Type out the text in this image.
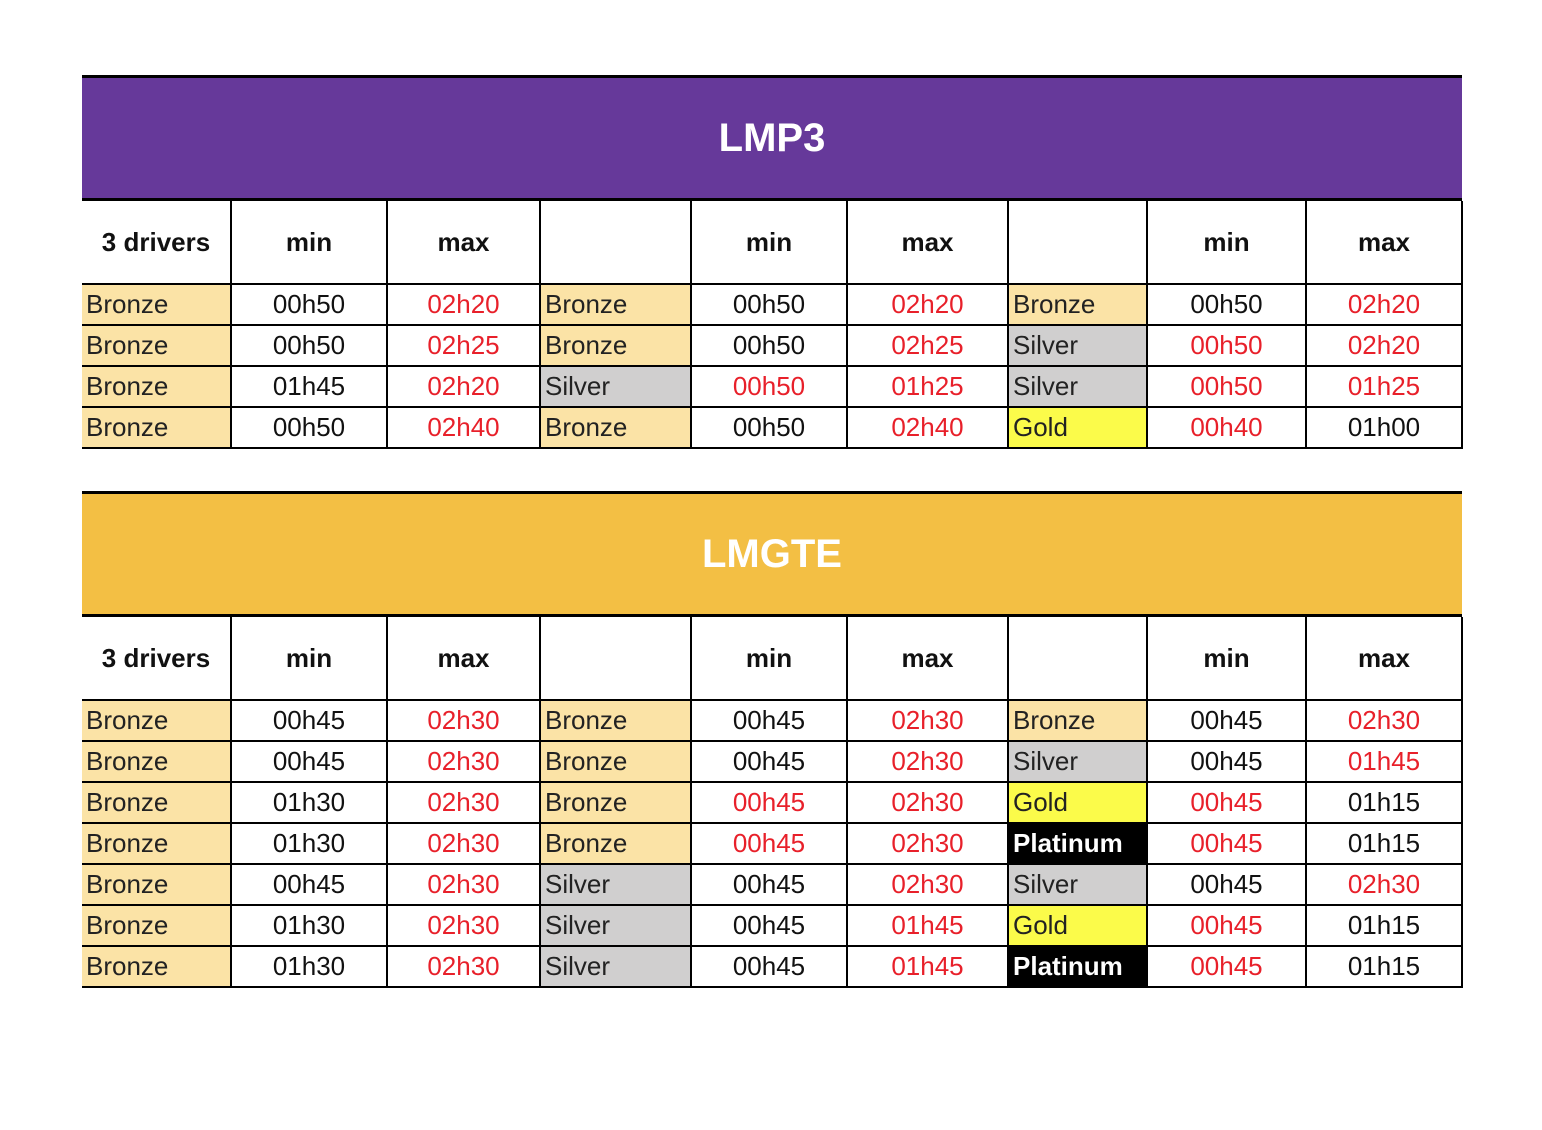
LMP3
3 drivers	min	max		min	max		min	max
Bronze	00h50	02h20	Bronze	00h50	02h20	Bronze	00h50	02h20
Bronze	00h50	02h25	Bronze	00h50	02h25	Silver	00h50	02h20
Bronze	01h45	02h20	Silver	00h50	01h25	Silver	00h50	01h25
Bronze	00h50	02h40	Bronze	00h50	02h40	Gold	00h40	01h00
LMGTE
3 drivers	min	max		min	max		min	max
Bronze	00h45	02h30	Bronze	00h45	02h30	Bronze	00h45	02h30
Bronze	00h45	02h30	Bronze	00h45	02h30	Silver	00h45	01h45
Bronze	01h30	02h30	Bronze	00h45	02h30	Gold	00h45	01h15
Bronze	01h30	02h30	Bronze	00h45	02h30	Platinum	00h45	01h15
Bronze	00h45	02h30	Silver	00h45	02h30	Silver	00h45	02h30
Bronze	01h30	02h30	Silver	00h45	01h45	Gold	00h45	01h15
Bronze	01h30	02h30	Silver	00h45	01h45	Platinum	00h45	01h15
